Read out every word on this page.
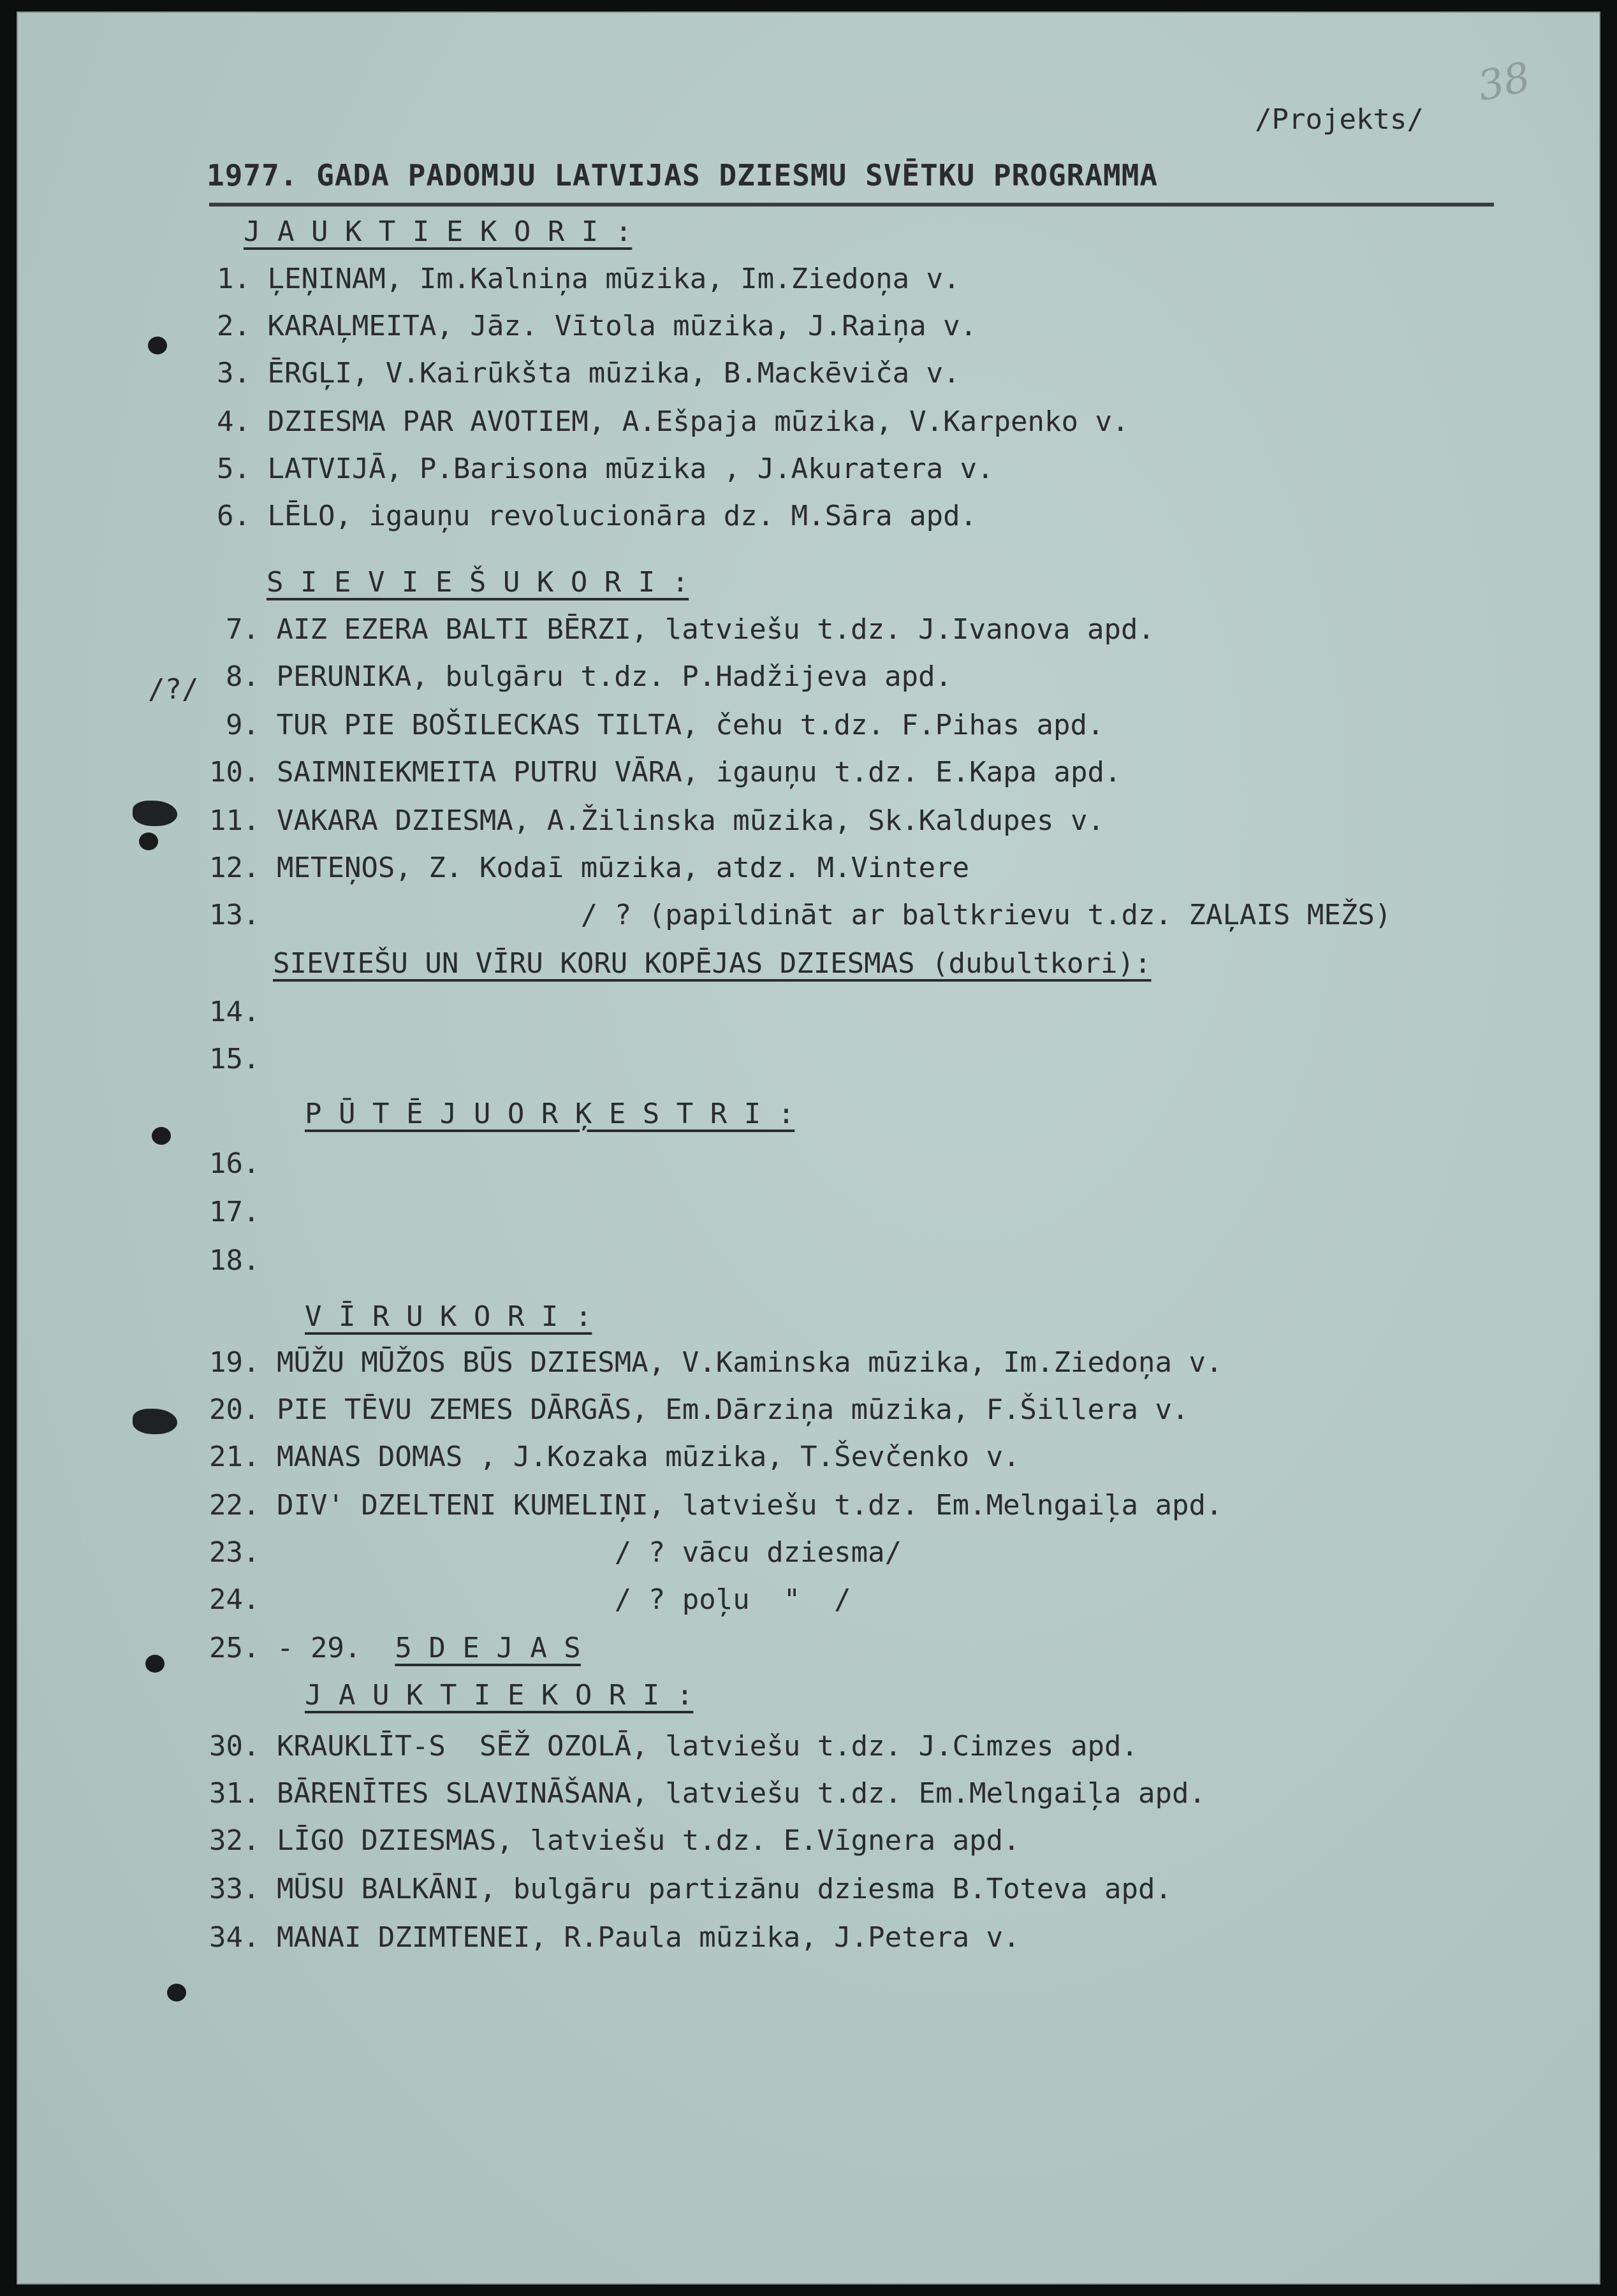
38
/Projekts/
1977. GADA PADOMJU LATVIJAS DZIESMU SVĒTKU PROGRAMMA
/?/
J A U K T I E K O R I :
1. ĻEŅINAM, Im.Kalniņa mūzika, Im.Ziedoņa v.
2. KARAĻMEITA, Jāz. Vītola mūzika, J.Raiņa v.
3. ĒRGĻI, V.Kairūkšta mūzika, B.Mackēviča v.
4. DZIESMA PAR AVOTIEM, A.Ešpaja mūzika, V.Karpenko v.
5. LATVIJĀ, P.Barisona mūzika , J.Akuratera v.
6. LĒLO, igauņu revolucionāra dz. M.Sāra apd.
S I E V I E Š U K O R I :
7. AIZ EZERA BALTI BĒRZI, latviešu t.dz. J.Ivanova apd.
8. PERUNIKA, bulgāru t.dz. P.Hadžijeva apd.
9. TUR PIE BOŠILECKAS TILTA, čehu t.dz. F.Pihas apd.
10. SAIMNIEKMEITA PUTRU VĀRA, igauņu t.dz. E.Kapa apd.
11. VAKARA DZIESMA, A.Žilinska mūzika, Sk.Kaldupes v.
12. METEŅOS, Z. Kodaī mūzika, atdz. M.Vintere
13.                   / ? (papildināt ar baltkrievu t.dz. ZAĻAIS MEŽS)
SIEVIEŠU UN VĪRU KORU KOPĒJAS DZIESMAS (dubultkori):
14.
15.
P Ū T Ē J U O R Ķ E S T R I :
16.
17.
18.
V Ī R U K O R I :
19. MŪŽU MŪŽOS BŪS DZIESMA, V.Kaminska mūzika, Im.Ziedoņa v.
20. PIE TĒVU ZEMES DĀRGĀS, Em.Dārziņa mūzika, F.Šillera v.
21. MANAS DOMAS , J.Kozaka mūzika, T.Ševčenko v.
22. DIV' DZELTENI KUMELIŅI, latviešu t.dz. Em.Melngaiļa apd.
23.                     / ? vācu dziesma/
24.                     / ? poļu  "  /
25. - 29. 5 D E J A S
J A U K T I E K O R I :
30. KRAUKLĪT-S  SĒŽ OZOLĀ, latviešu t.dz. J.Cimzes apd.
31. BĀRENĪTES SLAVINĀŠANA, latviešu t.dz. Em.Melngaiļa apd.
32. LĪGO DZIESMAS, latviešu t.dz. E.Vīgnera apd.
33. MŪSU BALKĀNI, bulgāru partizānu dziesma B.Toteva apd.
34. MANAI DZIMTENEI, R.Paula mūzika, J.Petera v.
